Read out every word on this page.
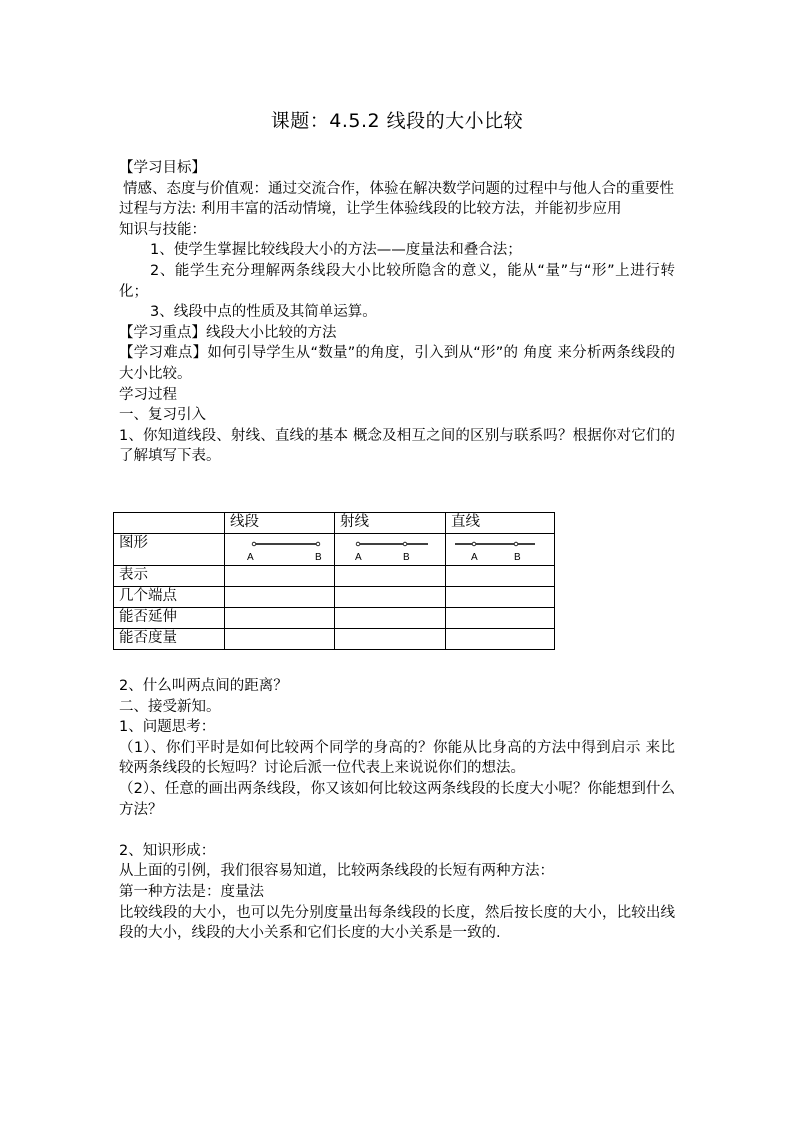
课题：4.5.2 线段的大小比较

【学习目标】

情感、态度与价值观：通过交流合作，体验在解决数学问题的过程中与他人合的重要性

过程与方法: 利用丰富的活动情境，让学生体验线段的比较方法，并能初步应用

知识与技能：

1、使学生掌握比较线段大小的方法——度量法和叠合法；

2、能学生充分理解两条线段大小比较所隐含的意义，能从“量”与“形”上进行转化；

3、线段中点的性质及其简单运算。

【学习重点】线段大小比较的方法

【学习难点】如何引导学生从“数量”的角度，引入到从“形”的 角度 来分析两条线段的大小比较。

学习过程

一、复习引入

1、你知道线段、射线、直线的基本 概念及相互之间的区别与联系吗？根据你对它们的了解填写下表。

	线段	射线	直线
图形	A B	A B	A B

表示			
几个端点			
能否延伸			
能否度量			

2、什么叫两点间的距离？

二、接受新知。

1、问题思考：

（1）、你们平时是如何比较两个同学的身高的？你能从比身高的方法中得到启示 来比较两条线段的长短吗？讨论后派一位代表上来说说你们的想法。

（2）、任意的画出两条线段，你又该如何比较这两条线段的长度大小呢？你能想到什么方法？

2、知识形成：

从上面的引例，我们很容易知道，比较两条线段的长短有两种方法：

第一种方法是：度量法

比较线段的大小，也可以先分别度量出每条线段的长度，然后按长度的大小，比较出线段的大小，线段的大小关系和它们长度的大小关系是一致的.
